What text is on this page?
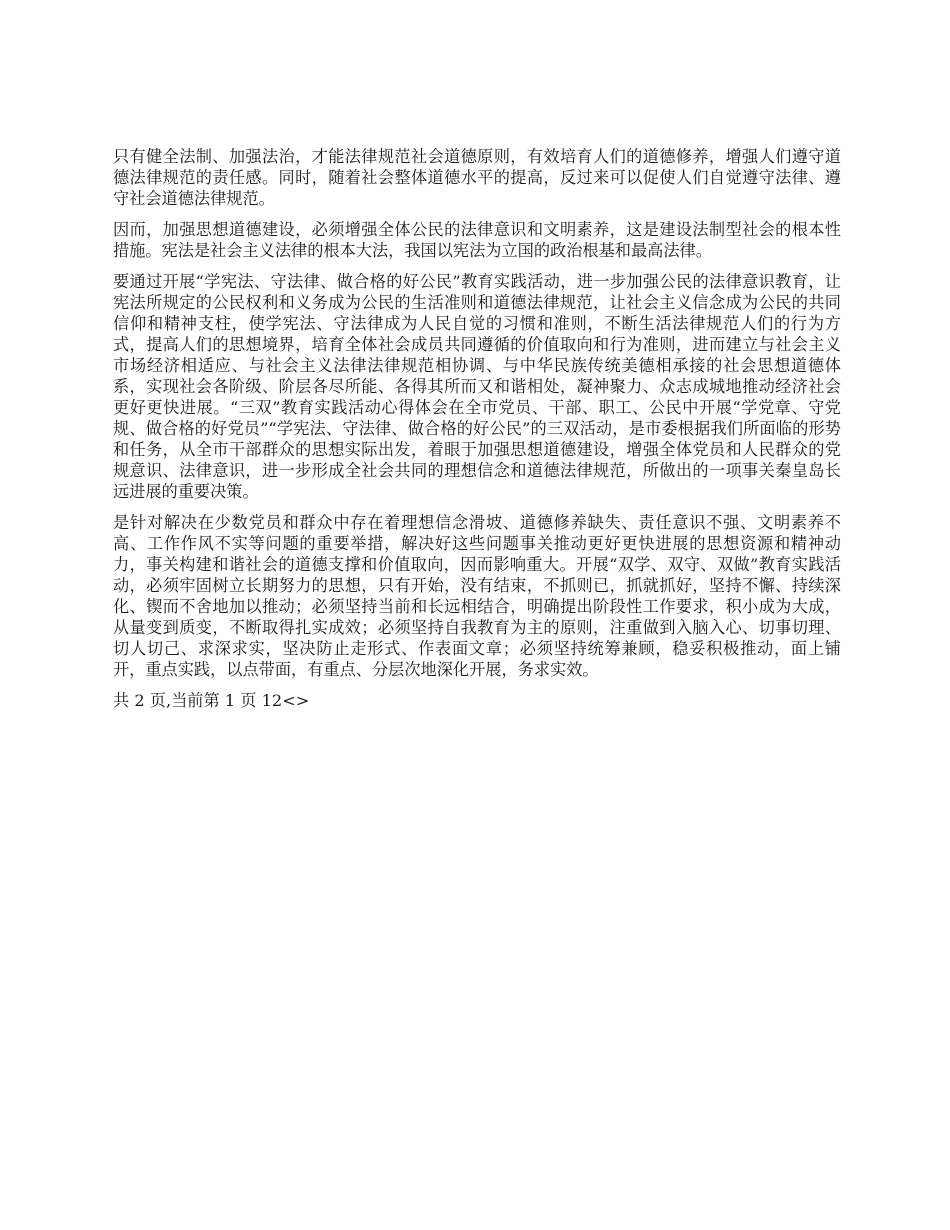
只有健全法制、加强法治，才能法律规范社会道德原则，有效培育人们的道德修养，增强人们遵守道德法律规范的责任感。同时，随着社会整体道德水平的提高，反过来可以促使人们自觉遵守法律、遵守社会道德法律规范。

因而，加强思想道德建设，必须增强全体公民的法律意识和文明素养，这是建设法制型社会的根本性措施。宪法是社会主义法律的根本大法，我国以宪法为立国的政治根基和最高法律。

要通过开展“学宪法、守法律、做合格的好公民”教育实践活动，进一步加强公民的法律意识教育，让宪法所规定的公民权利和义务成为公民的生活准则和道德法律规范，让社会主义信念成为公民的共同信仰和精神支柱，使学宪法、守法律成为人民自觉的习惯和准则，不断生活法律规范人们的行为方式，提高人们的思想境界，培育全体社会成员共同遵循的价值取向和行为准则，进而建立与社会主义市场经济相适应、与社会主义法律法律规范相协调、与中华民族传统美德相承接的社会思想道德体系，实现社会各阶级、阶层各尽所能、各得其所而又和谐相处，凝神聚力、众志成城地推动经济社会更好更快进展。“三双”教育实践活动心得体会在全市党员、干部、职工、公民中开展“学党章、守党规、做合格的好党员”“学宪法、守法律、做合格的好公民”的三双活动，是市委根据我们所面临的形势和任务，从全市干部群众的思想实际出发，着眼于加强思想道德建设，增强全体党员和人民群众的党规意识、法律意识，进一步形成全社会共同的理想信念和道德法律规范，所做出的一项事关秦皇岛长远进展的重要决策。

是针对解决在少数党员和群众中存在着理想信念滑坡、道德修养缺失、责任意识不强、文明素养不高、工作作风不实等问题的重要举措，解决好这些问题事关推动更好更快进展的思想资源和精神动力，事关构建和谐社会的道德支撑和价值取向，因而影响重大。开展“双学、双守、双做”教育实践活动，必须牢固树立长期努力的思想，只有开始，没有结束，不抓则已，抓就抓好，坚持不懈、持续深化、锲而不舍地加以推动；必须坚持当前和长远相结合，明确提出阶段性工作要求，积小成为大成，从量变到质变，不断取得扎实成效；必须坚持自我教育为主的原则，注重做到入脑入心、切事切理、切人切己、求深求实，坚决防止走形式、作表面文章；必须坚持统筹兼顾，稳妥积极推动，面上铺开，重点实践，以点带面，有重点、分层次地深化开展，务求实效。

共 2 页,当前第 1 页 12<>
